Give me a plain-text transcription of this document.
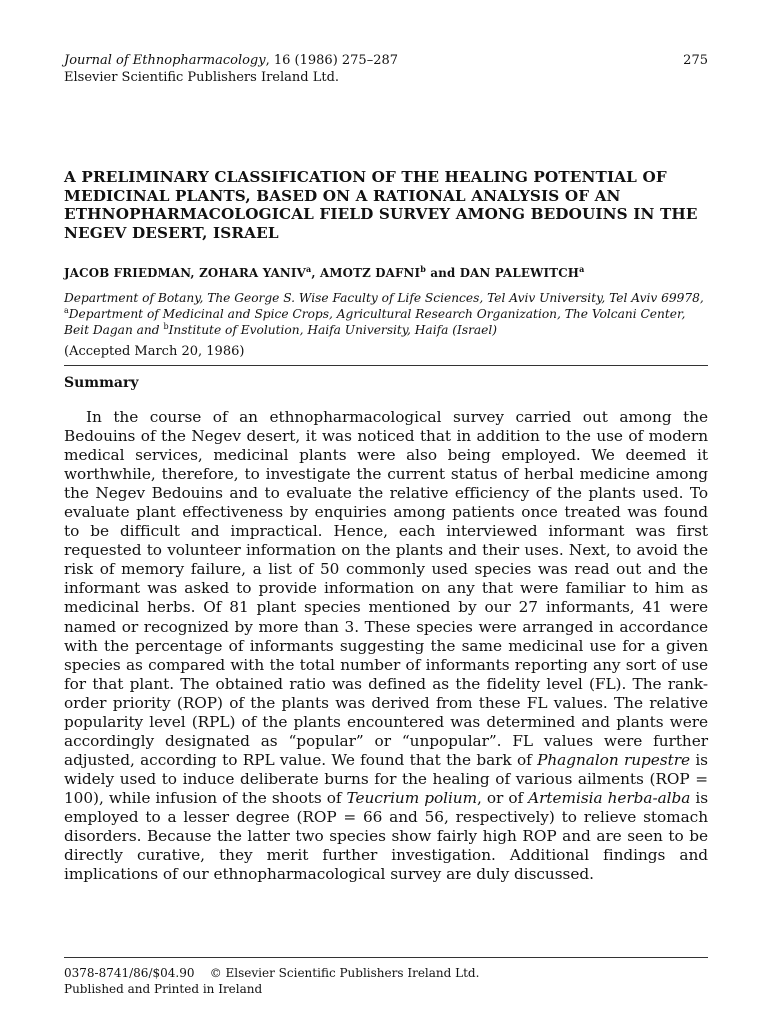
Journal of Ethnopharmacology, 16 (1986) 275–287
Elsevier Scientific Publishers Ireland Ltd.
275
A PRELIMINARY CLASSIFICATION OF THE HEALING POTENTIAL OF MEDICINAL PLANTS, BASED ON A RATIONAL ANALYSIS OF AN ETHNOPHARMACOLOGICAL FIELD SURVEY AMONG BEDOUINS IN THE NEGEV DESERT, ISRAEL
JACOB FRIEDMAN, ZOHARA YANIV$^a$, AMOTZ DAFNI$^b$ and DAN PALEWITCH$^a$
Department of Botany, The George S. Wise Faculty of Life Sciences, Tel Aviv University, Tel Aviv 69978, $^a$Department of Medicinal and Spice Crops, Agricultural Research Organization, The Volcani Center, Beit Dagan and $^b$Institute of Evolution, Haifa University, Haifa (Israel)
(Accepted March 20, 1986)
Summary
In the course of an ethnopharmacological survey carried out among the Bedouins of the Negev desert, it was noticed that in addition to the use of modern medical services, medicinal plants were also being employed. We deemed it worthwhile, therefore, to investigate the current status of herbal medicine among the Negev Bedouins and to evaluate the relative efficiency of the plants used. To evaluate plant effectiveness by enquiries among patients once treated was found to be difficult and impractical. Hence, each interviewed informant was first requested to volunteer information on the plants and their uses. Next, to avoid the risk of memory failure, a list of 50 commonly used species was read out and the informant was asked to provide information on any that were familiar to him as medicinal herbs. Of 81 plant species mentioned by our 27 informants, 41 were named or recognized by more than 3. These species were arranged in accordance with the percentage of informants suggesting the same medicinal use for a given species as compared with the total number of informants reporting any sort of use for that plant. The obtained ratio was defined as the fidelity level (FL). The rank-order priority (ROP) of the plants was derived from these FL values. The relative popularity level (RPL) of the plants encountered was determined and plants were accordingly designated as “popular” or “unpopular”. FL values were further adjusted, according to RPL value. We found that the bark of Phagnalon rupestre is widely used to induce deliberate burns for the healing of various ailments (ROP = 100), while infusion of the shoots of Teucrium polium, or of Artemisia herba-alba is employed to a lesser degree (ROP = 66 and 56, respectively) to relieve stomach disorders. Because the latter two species show fairly high ROP and are seen to be directly curative, they merit further investigation. Additional findings and implications of our ethnopharmacological survey are duly discussed.
0378-8741/86/$04.90    © Elsevier Scientific Publishers Ireland Ltd.
Published and Printed in Ireland
